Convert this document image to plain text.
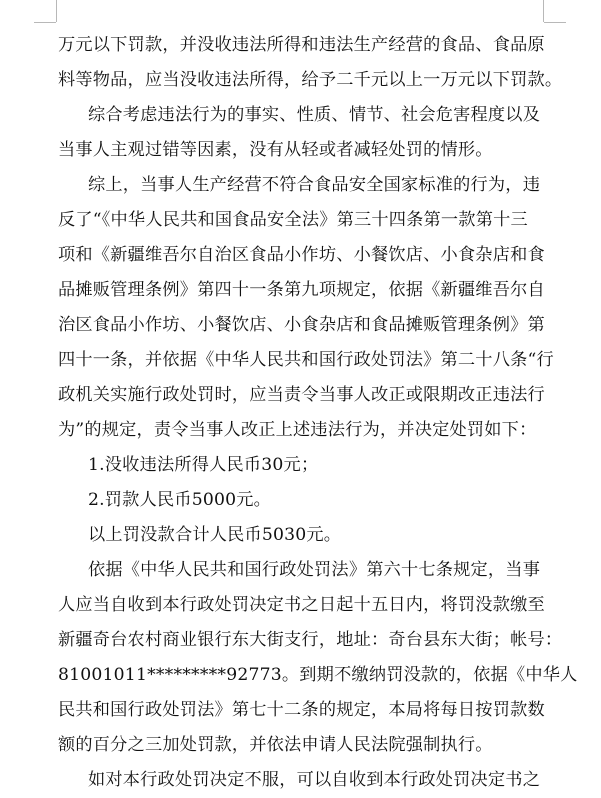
万元以下罚款，并没收违法所得和违法生产经营的食品、食品原
料等物品，应当没收违法所得，给予二千元以上一万元以下罚款。
综合考虑违法行为的事实、性质、情节、社会危害程度以及
当事人主观过错等因素，没有从轻或者减轻处罚的情形。
综上，当事人生产经营不符合食品安全国家标准的行为，违
反了“《中华人民共和国食品安全法》第三十四条第一款第十三
项和《新疆维吾尔自治区食品小作坊、小餐饮店、小食杂店和食
品摊贩管理条例》第四十一条第九项规定，依据《新疆维吾尔自
治区食品小作坊、小餐饮店、小食杂店和食品摊贩管理条例》第
四十一条，并依据《中华人民共和国行政处罚法》第二十八条“行
政机关实施行政处罚时，应当责令当事人改正或限期改正违法行
为”的规定，责令当事人改正上述违法行为，并决定处罚如下：
1.没收违法所得人民币30元；
2.罚款人民币5000元。
以上罚没款合计人民币5030元。
依据《中华人民共和国行政处罚法》第六十七条规定，当事
人应当自收到本行政处罚决定书之日起十五日内，将罚没款缴至
新疆奇台农村商业银行东大街支行，地址：奇台县东大街；帐号：
81001011*********92773。到期不缴纳罚没款的，依据《中华人
民共和国行政处罚法》第七十二条的规定，本局将每日按罚款数
额的百分之三加处罚款，并依法申请人民法院强制执行。
如对本行政处罚决定不服，可以自收到本行政处罚决定书之
